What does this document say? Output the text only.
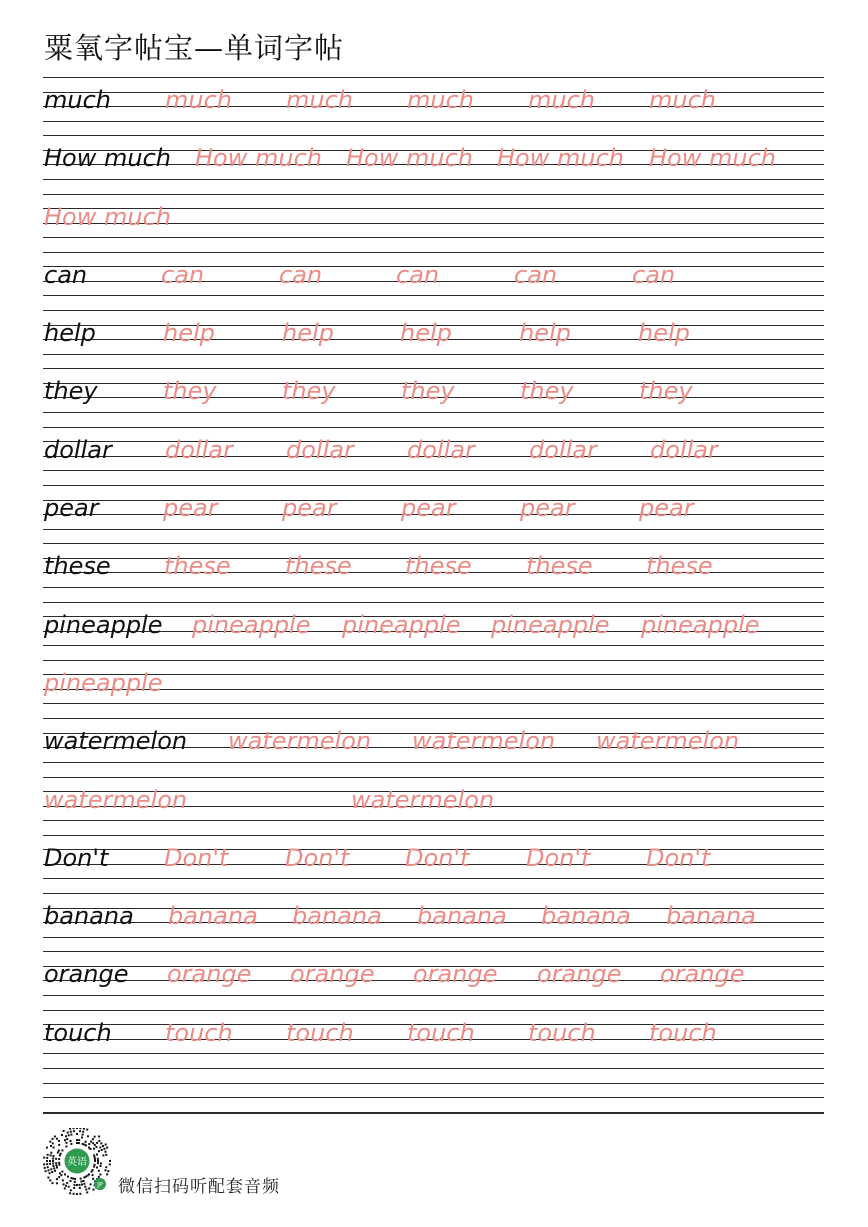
粟氧字帖宝—单词字帖
much much much much much much
How much How much How much How much How much
How much
can	can	can	can	can	can
help	help	help	help	help	help
they	they	they	they	they	they
dollar dollar dollar dollar dollar dollar
pear	pear	pear	pear	pear	pear
these these these these these these
pineapple pineapple pineapple pineapple pineapple
pineapple
watermelon watermelon watermelon watermelon
watermelon	watermelon
Don't Don't Don't Don't Don't Don't
banana banana banana banana banana banana
orange orange orange orange orange orange
touch touch touch touch touch touch
英语
JP 微信扫码听配套音频
